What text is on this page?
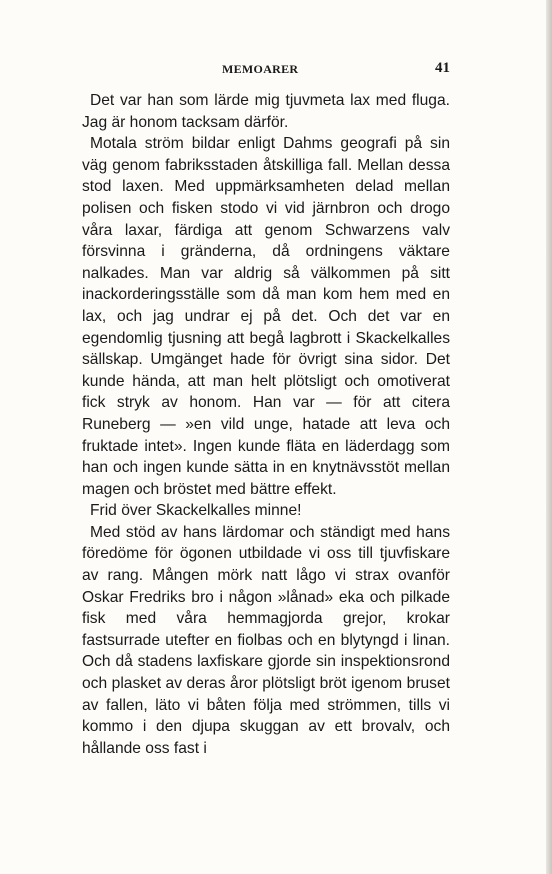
MEMOARER	41

Det var han som lärde mig tjuvmeta lax med fluga. Jag är honom tacksam därför.

Motala ström bildar enligt Dahms geografi på sin väg genom fabriksstaden åtskilliga fall. Mellan dessa stod laxen. Med uppmärksamheten delad mellan polisen och fisken stodo vi vid järnbron och drogo våra laxar, färdiga att genom Schwarzens valv försvinna i gränderna, då ordningens väktare nalkades. Man var aldrig så välkommen på sitt inackorderingsställe som då man kom hem med en lax, och jag undrar ej på det. Och det var en egendomlig tjusning att begå lagbrott i Skackelkalles sällskap. Umgänget hade för övrigt sina sidor. Det kunde hända, att man helt plötsligt och omotiverat fick stryk av honom. Han var — för att citera Runeberg — »en vild unge, hatade att leva och fruktade intet». Ingen kunde fläta en läderdagg som han och ingen kunde sätta in en knytnävsstöt mellan magen och bröstet med bättre effekt.

Frid över Skackelkalles minne!

Med stöd av hans lärdomar och ständigt med hans föredöme för ögonen utbildade vi oss till tjuvfiskare av rang. Mången mörk natt lågo vi strax ovanför Oskar Fredriks bro i någon »lånad» eka och pilkade fisk med våra hemmagjorda grejor, krokar fastsurrade utefter en fiolbas och en blytyngd i linan. Och då stadens laxfiskare gjorde sin inspektionsrond och plasket av deras åror plötsligt bröt igenom bruset av fallen, läto vi båten följa med strömmen, tills vi kommo i den djupa skuggan av ett brovalv, och hållande oss fast i
